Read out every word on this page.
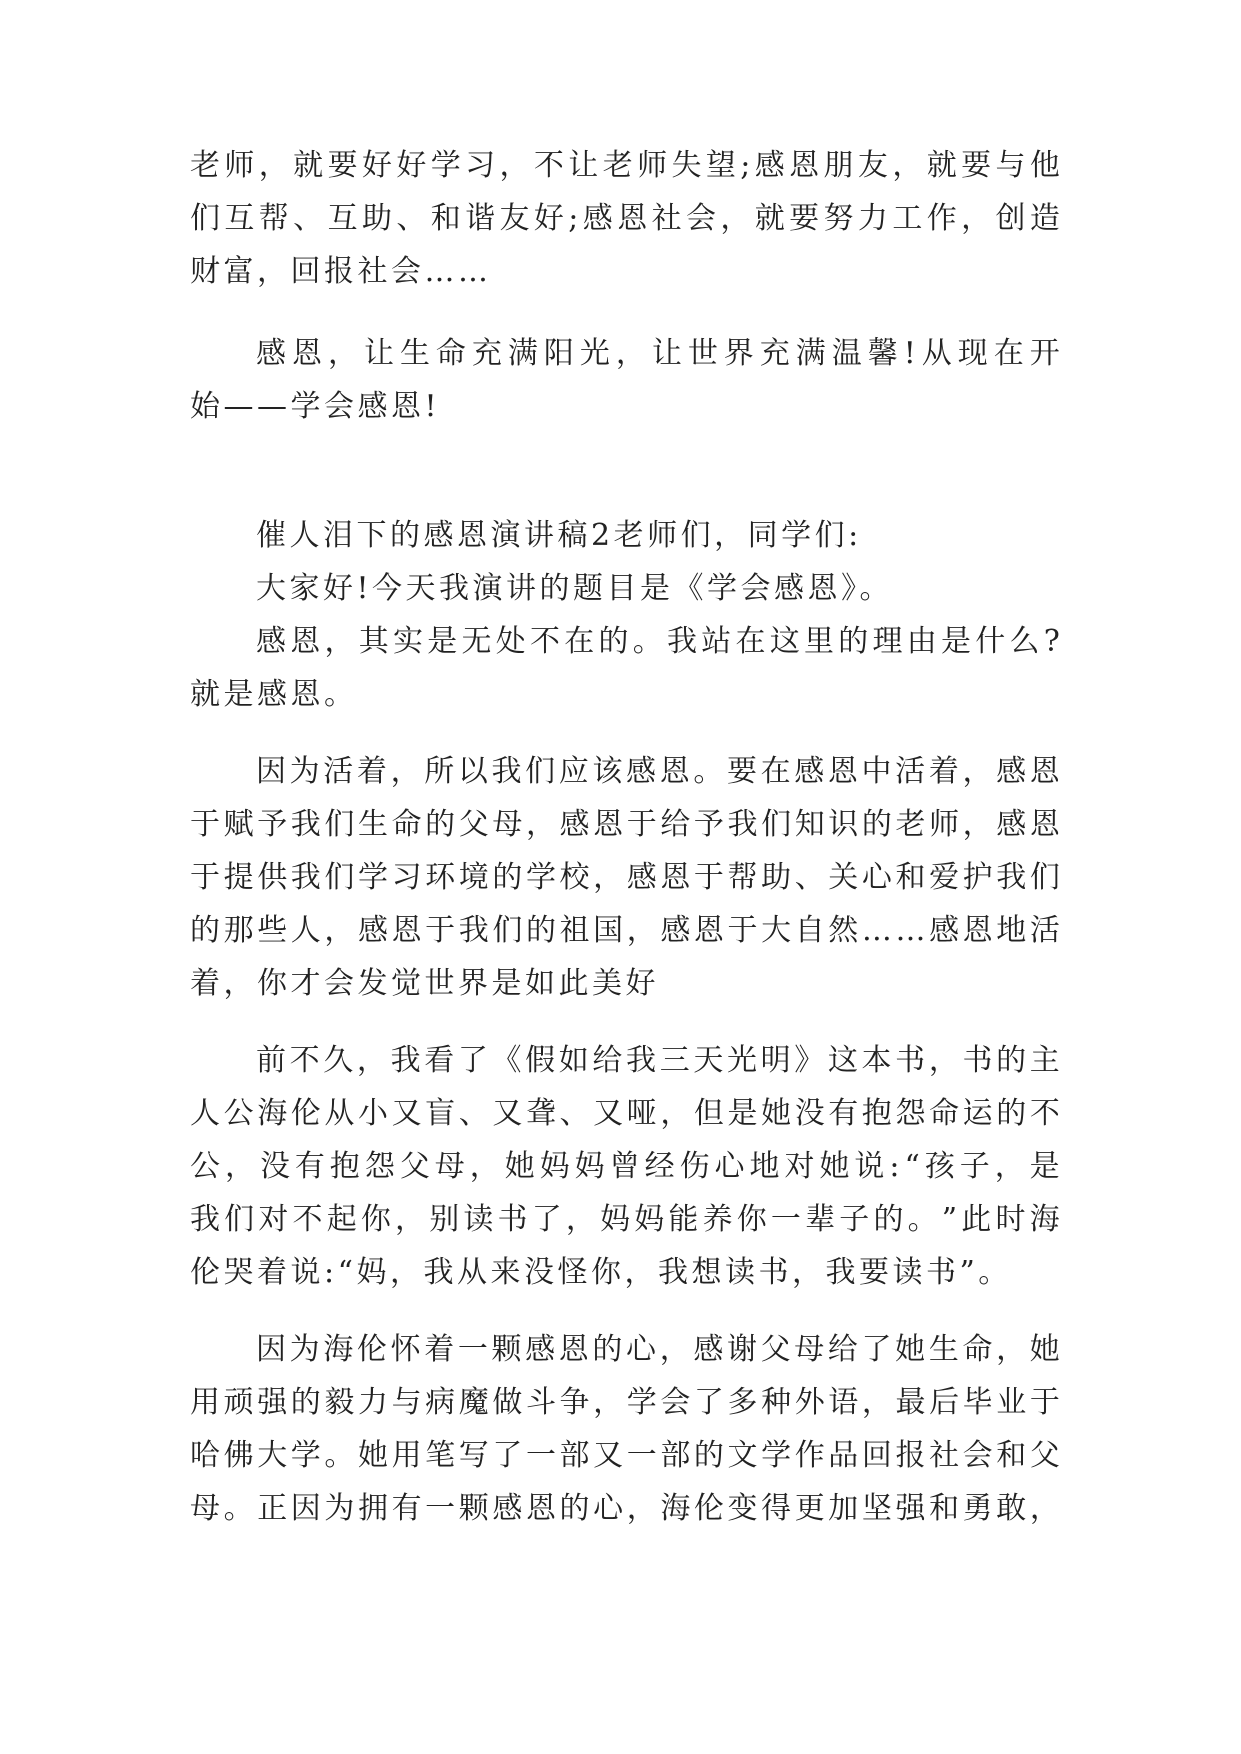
老 师 ， 就 要 好 好 学 习 ， 不 让 老 师 失 望 ; 感 恩 朋 友 ， 就 要 与 他
们 互 帮 、 互 助 、 和 谐 友 好 ; 感 恩 社 会 ， 就 要 努 力 工 作 ， 创 造
财富，回报社会……
感 恩 ， 让 生 命 充 满 阳 光 ， 让 世 界 充 满 温 馨 ! 从 现 在 开
始——学会感恩!
催人泪下的感恩演讲稿2老师们，同学们:
大家好!今天我演讲的题目是《学会感恩》。
感 恩 ， 其 实 是 无 处 不 在 的 。 我 站 在 这 里 的 理 由 是 什 么 ?
就是感恩。
因 为 活 着 ， 所 以 我 们 应 该 感 恩 。 要 在 感 恩 中 活 着 ， 感 恩
于 赋 予 我 们 生 命 的 父 母 ， 感 恩 于 给 予 我 们 知 识 的 老 师 ， 感 恩
于 提 供 我 们 学 习 环 境 的 学 校 ， 感 恩 于 帮 助 、 关 心 和 爱 护 我 们
的 那 些 人 ， 感 恩 于 我 们 的 祖 国 ， 感 恩 于 大 自 然 … … 感 恩 地 活
着，你才会发觉世界是如此美好
前 不 久 ， 我 看 了 《 假 如 给 我 三 天 光 明 》 这 本 书 ， 书 的 主
人 公 海 伦 从 小 又 盲 、 又 聋 、 又 哑 ， 但 是 她 没 有 抱 怨 命 运 的 不
公 ， 没 有 抱 怨 父 母 ， 她 妈 妈 曾 经 伤 心 地 对 她 说 : “ 孩 子 ， 是
我 们 对 不 起 你 ， 别 读 书 了 ， 妈 妈 能 养 你 一 辈 子 的 。 ” 此 时 海
伦哭着说:“妈，我从来没怪你，我想读书，我要读书”。
因 为 海 伦 怀 着 一 颗 感 恩 的 心 ， 感 谢 父 母 给 了 她 生 命 ， 她
用 顽 强 的 毅 力 与 病 魔 做 斗 争 ， 学 会 了 多 种 外 语 ， 最 后 毕 业 于
哈 佛 大 学 。 她 用 笔 写 了 一 部 又 一 部 的 文 学 作 品 回 报 社 会 和 父
母 。 正 因 为 拥 有 一 颗 感 恩 的 心 ， 海 伦 变 得 更 加 坚 强 和 勇 敢 ，
